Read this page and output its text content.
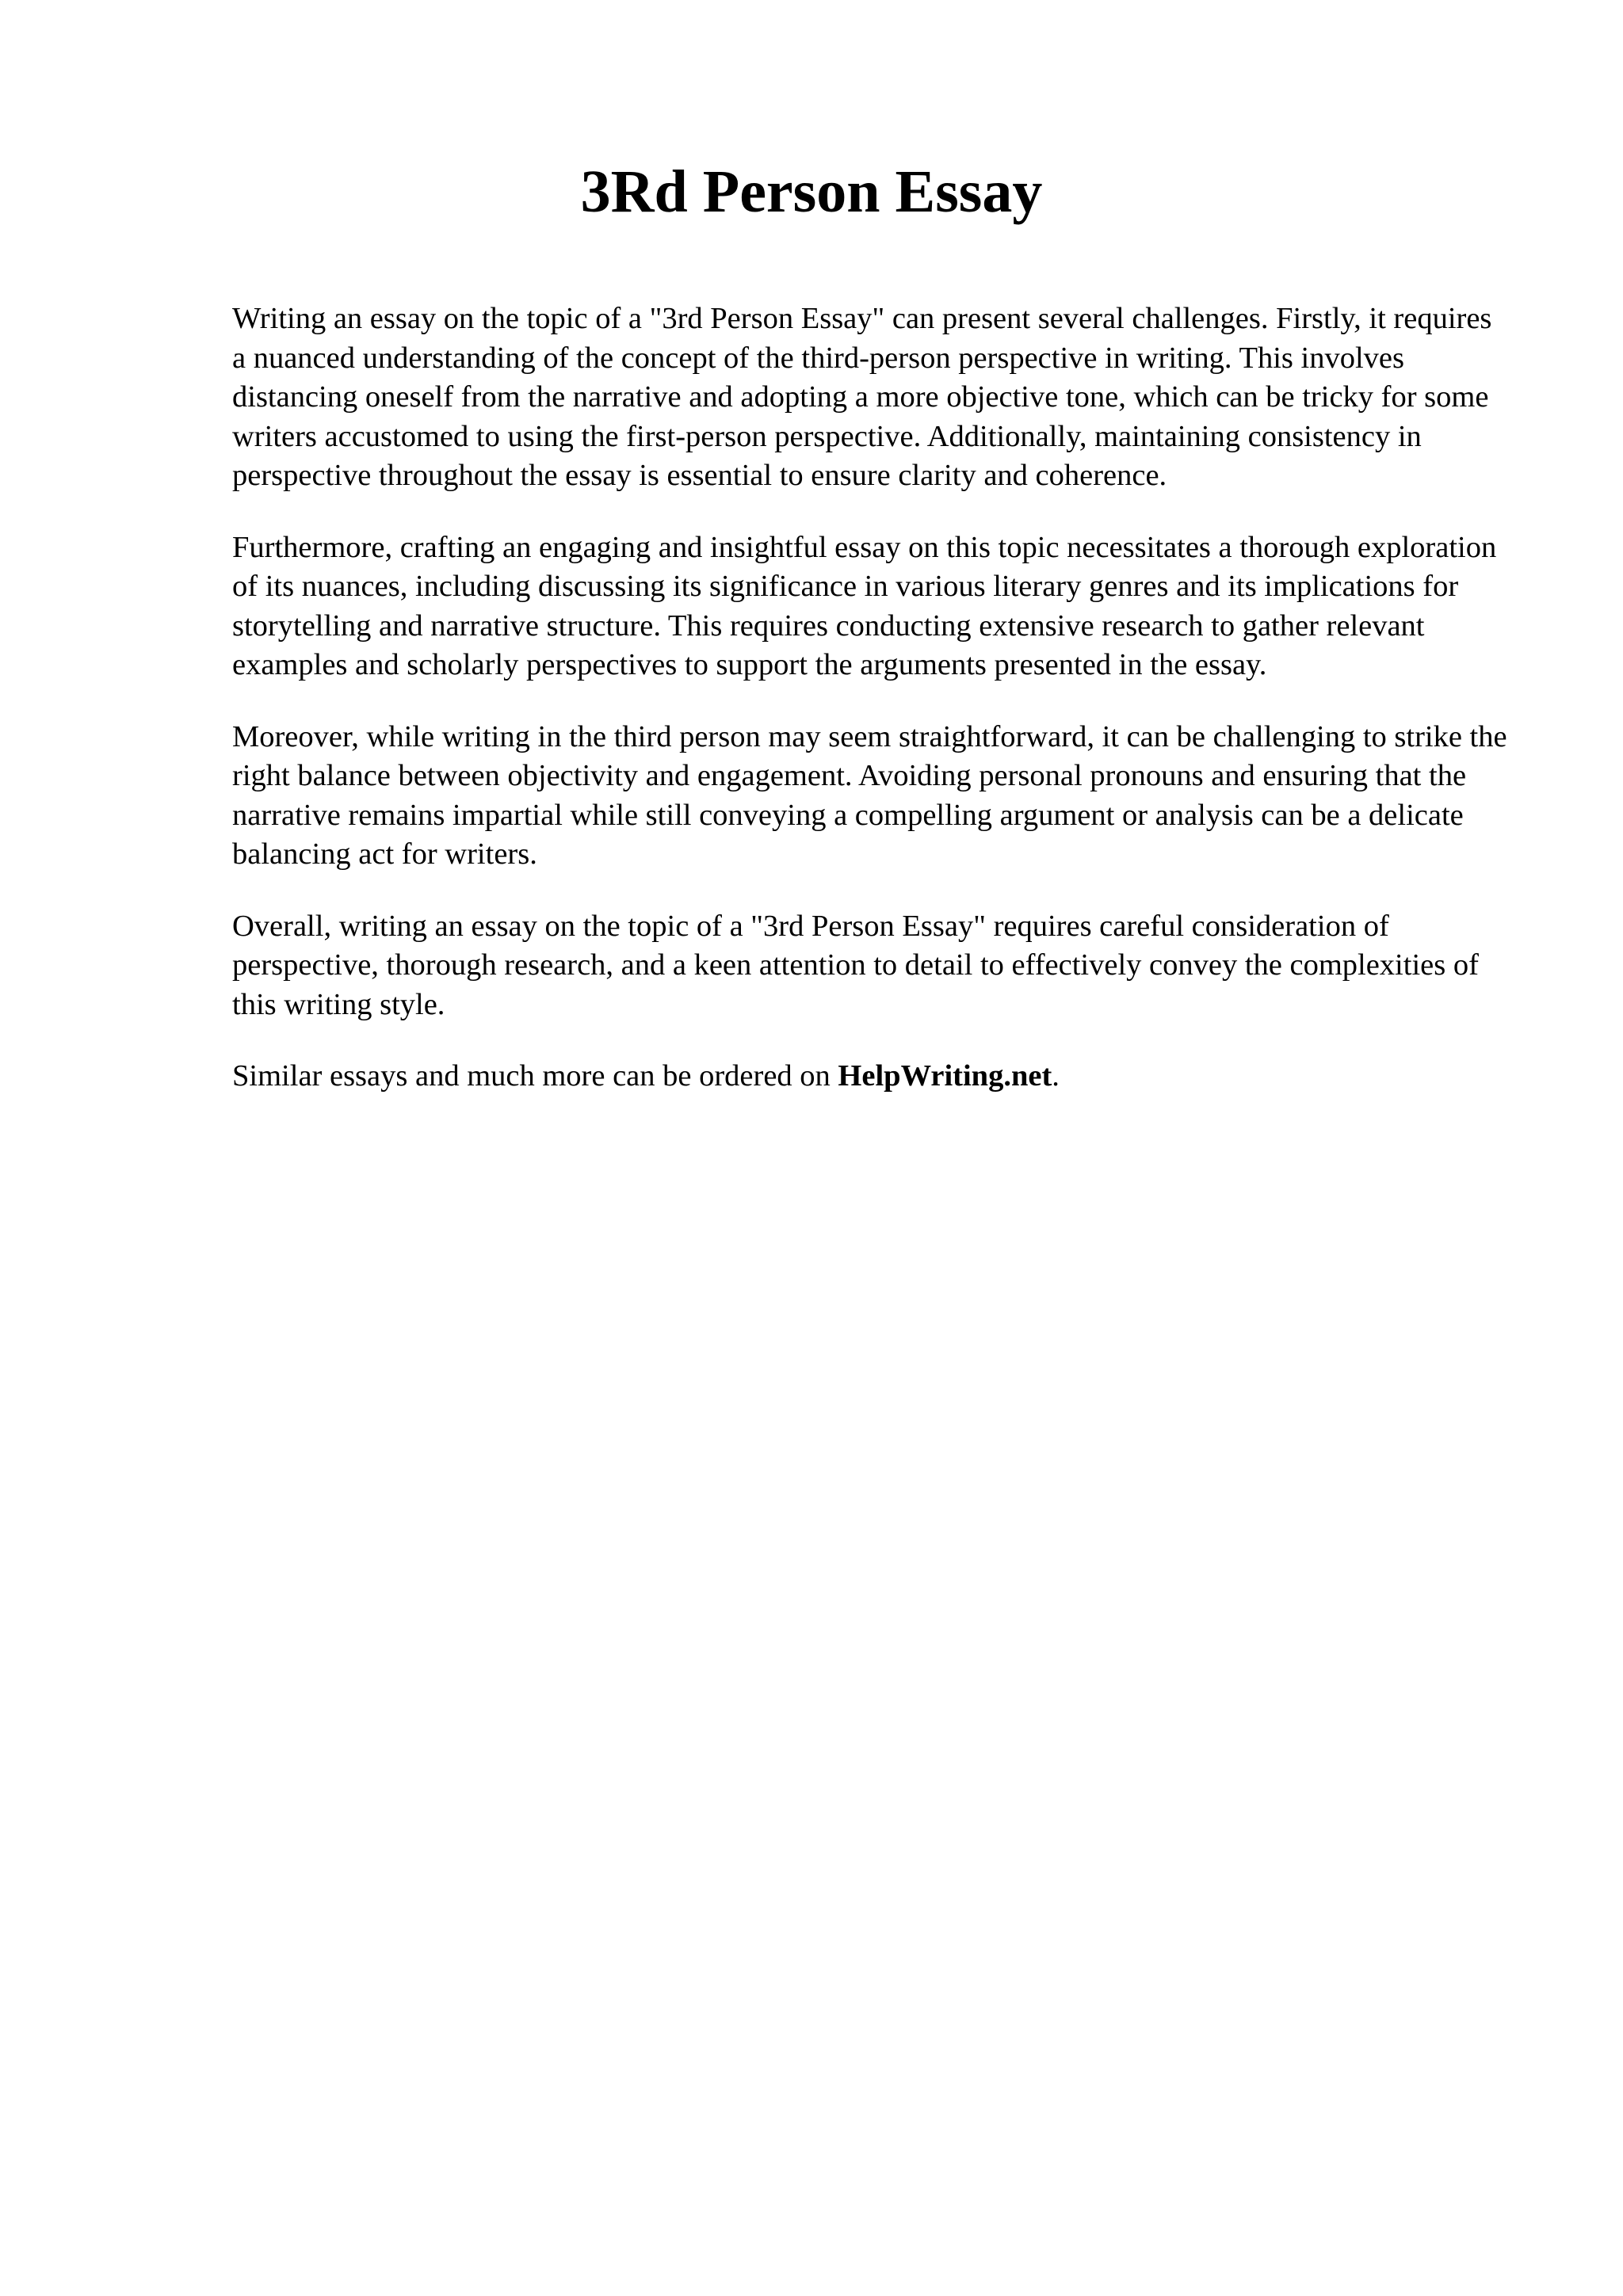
3Rd Person Essay

Writing an essay on the topic of a "3rd Person Essay" can present several challenges. Firstly, it requires a nuanced understanding of the concept of the third-person perspective in writing. This involves distancing oneself from the narrative and adopting a more objective tone, which can be tricky for some writers accustomed to using the first-person perspective. Additionally, maintaining consistency in perspective throughout the essay is essential to ensure clarity and coherence.

Furthermore, crafting an engaging and insightful essay on this topic necessitates a thorough exploration of its nuances, including discussing its significance in various literary genres and its implications for storytelling and narrative structure. This requires conducting extensive research to gather relevant examples and scholarly perspectives to support the arguments presented in the essay.

Moreover, while writing in the third person may seem straightforward, it can be challenging to strike the right balance between objectivity and engagement. Avoiding personal pronouns and ensuring that the narrative remains impartial while still conveying a compelling argument or analysis can be a delicate balancing act for writers.

Overall, writing an essay on the topic of a "3rd Person Essay" requires careful consideration of perspective, thorough research, and a keen attention to detail to effectively convey the complexities of this writing style.

Similar essays and much more can be ordered on HelpWriting.net.
